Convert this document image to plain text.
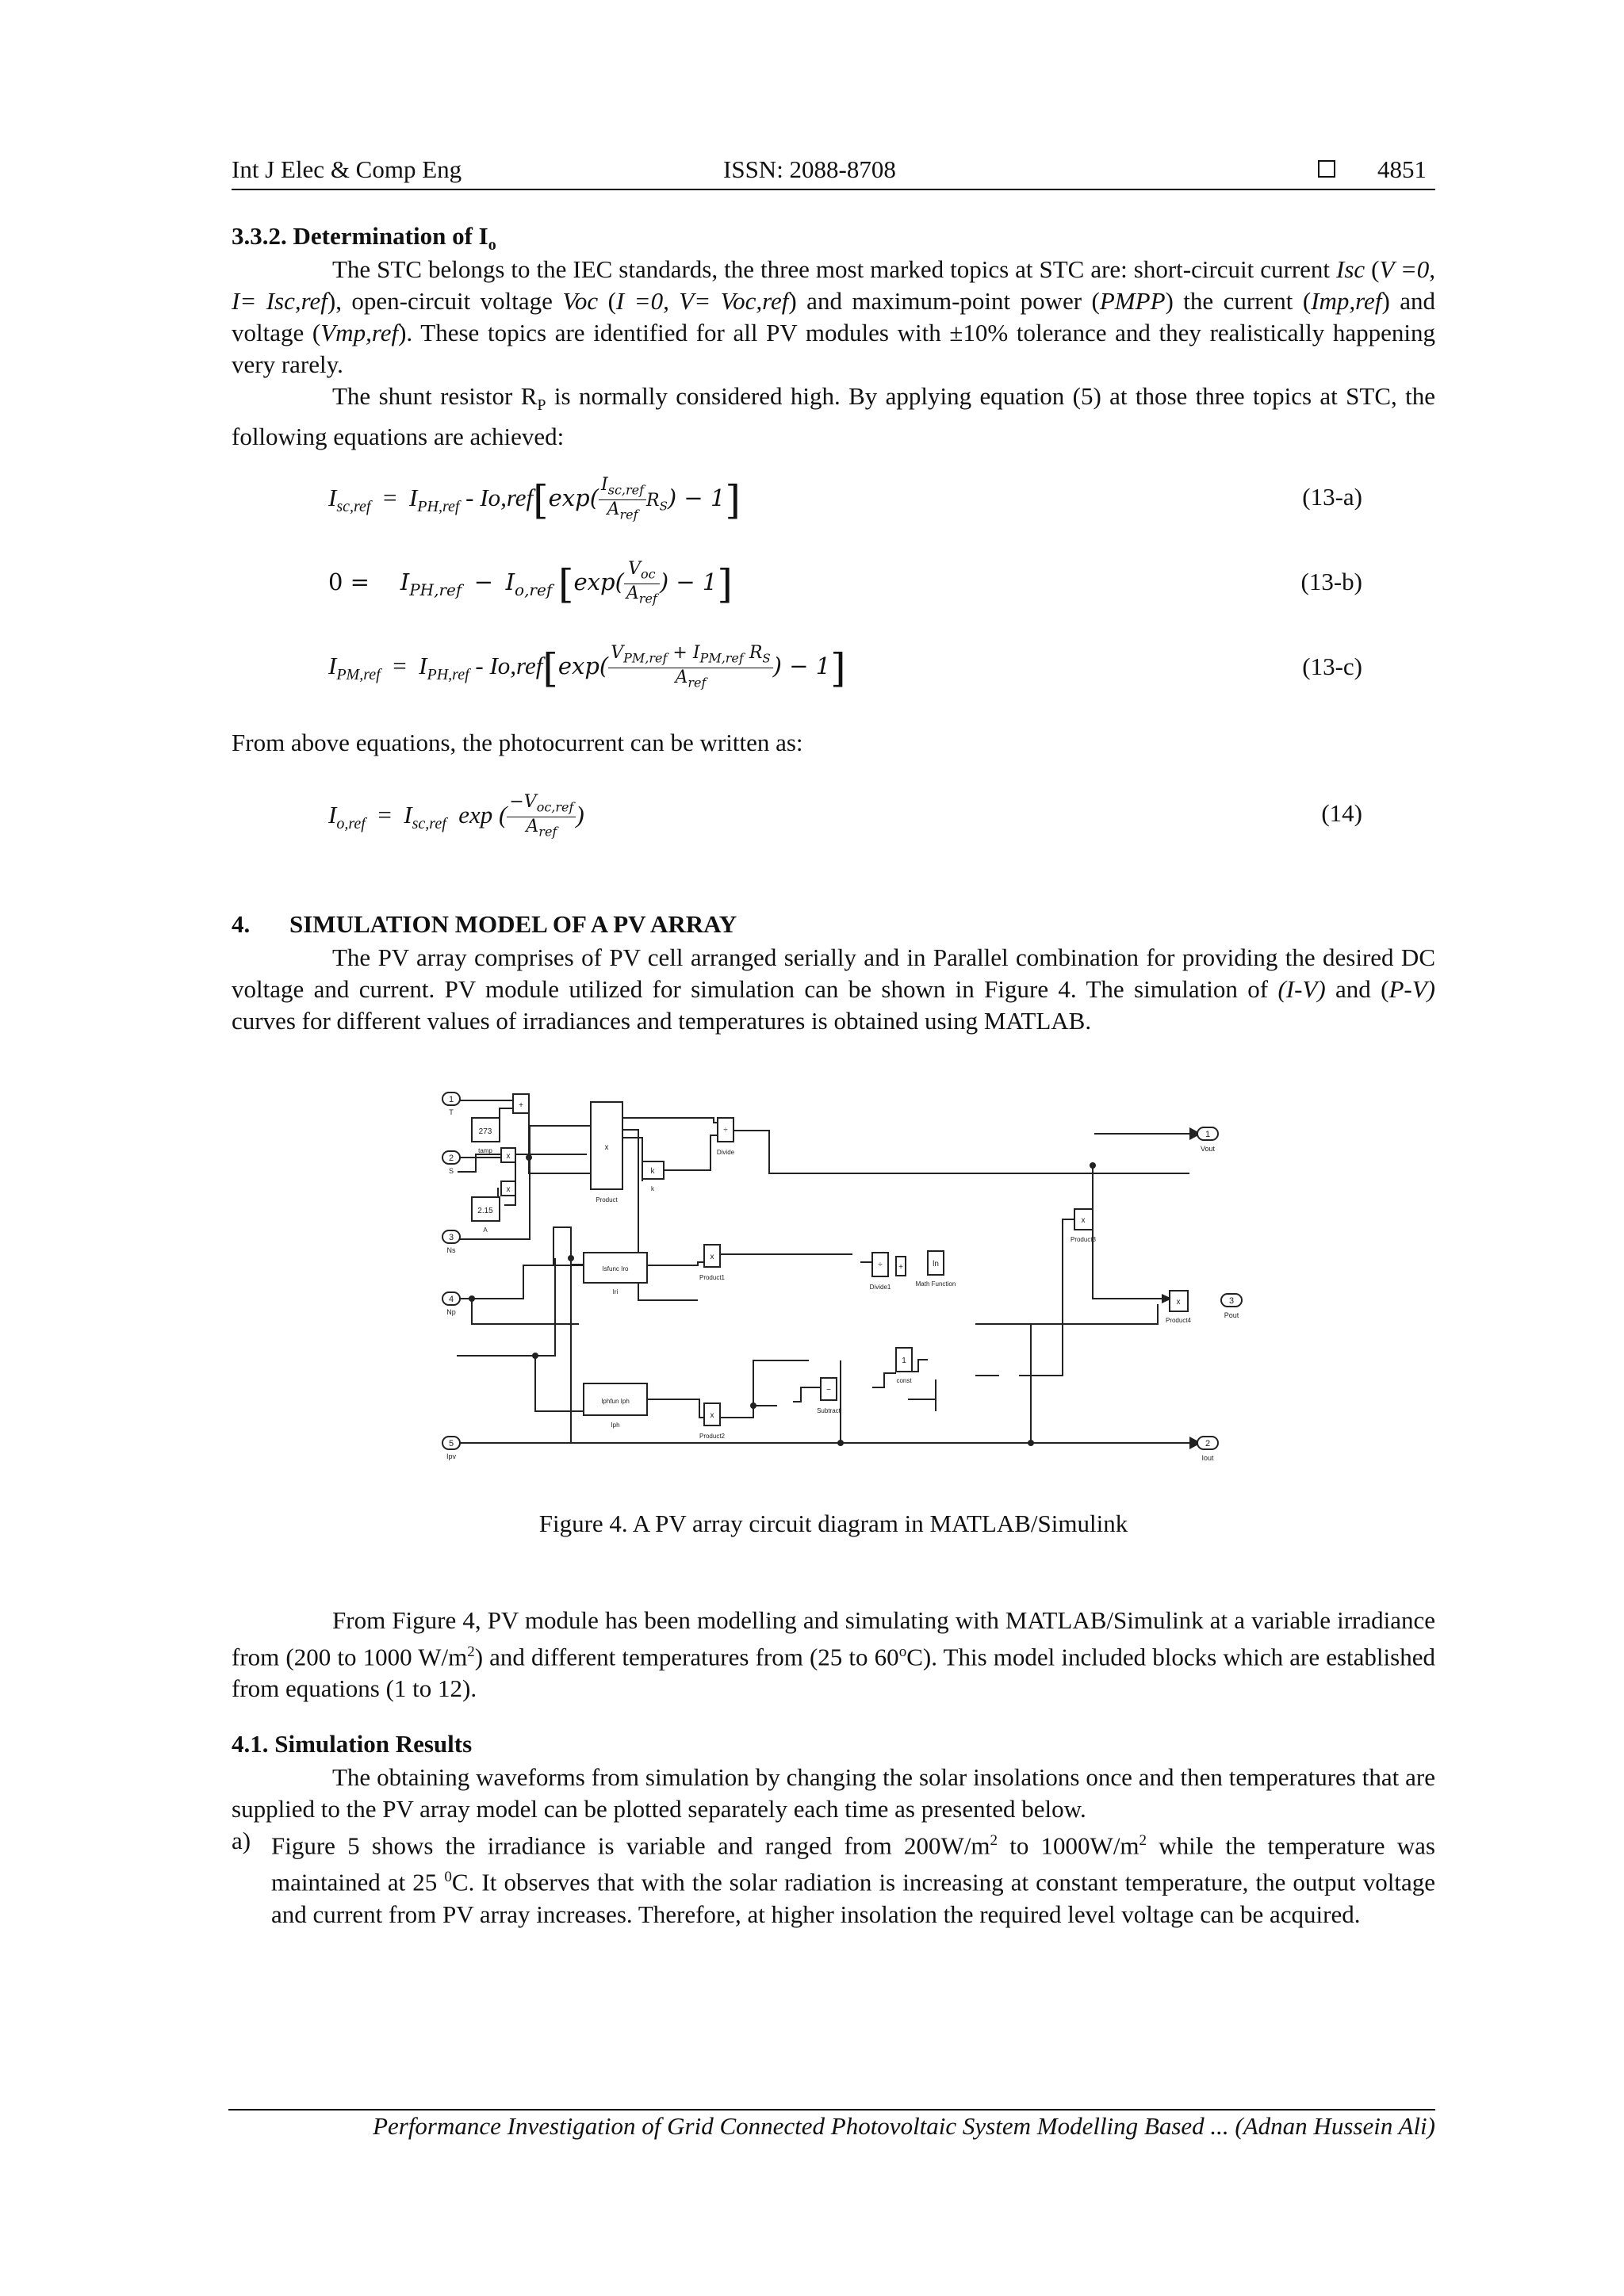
Int J Elec & Comp Eng	ISSN: 2088-8708	4851
3.3.2. Determination of $I_o$
The STC belongs to the IEC standards, the three most marked topics at STC are: short-circuit current Isc (V =0, I= Isc,ref), open-circuit voltage Voc (I =0, V= Voc,ref) and maximum-point power (PMPP) the current (Imp,ref) and voltage (Vmp,ref). These topics are identified for all PV modules with ±10% tolerance and they realistically happening very rarely.
The shunt resistor $R_P$ is normally considered high. By applying equation (5) at those three topics at STC, the following equations are achieved:
$I_{sc,ref} = I_{PH,ref} - Io,ref[\exp( \frac{I_{sc,ref}}{A_{ref}} R_S) - 1]$	(13-a)
$0 = I_{PH,ref} - I_{o,ref}$ [$\exp( \frac{V_{oc}}{A_{ref}}$ ) − 1]	(13-b)
$I_{PM,ref} = I_{PH,ref} - Io,ref[\exp( \frac{V_{PM,ref} + I_{PM,ref} R_S}{A_{ref}}$ ) − 1]	(13-c)
From above equations, the photocurrent can be written as:
$I_{o,ref} = I_{sc,ref}$ exp ( $\frac{-V_{oc,ref}}{A_{ref}}$ )	(14)
4. SIMULATION MODEL OF A PV ARRAY
The PV array comprises of PV cell arranged serially and in Parallel combination for providing the desired DC voltage and current. PV module utilized for simulation can be shown in Figure 4. The simulation of (I-V) and (P-V) curves for different values of irradiances and temperatures is obtained using MATLAB.
1
T
2
S
3
Ns
4
Np
5
Ipv
1
Vout
2
Iout
3
Pout
273
tamp
2.15
A
+
x
x
x
Product
k
k
÷
Divide
Isfunc Iro
Iri
Iphfun Iph
Iph
x
Product1
x
Product2
−
Subtract
÷
Divide1
+	ln
Math Function
1
const
x
Product3
x
Product4
Figure 4. A PV array circuit diagram in MATLAB/Simulink
From Figure 4, PV module has been modelling and simulating with MATLAB/Simulink at a variable irradiance from (200 to 1000 $W/m^2$) and different temperatures from (25 to 60$^o$C). This model included blocks which are established from equations (1 to 12).
4.1. Simulation Results
The obtaining waveforms from simulation by changing the solar insolations once and then temperatures that are supplied to the PV array model can be plotted separately each time as presented below.
a) Figure 5 shows the irradiance is variable and ranged from $200W/m^2$ to $1000W/m^2$ while the temperature was maintained at 25 $^0$C. It observes that with the solar radiation is increasing at constant temperature, the output voltage and current from PV array increases. Therefore, at higher insolation the required level voltage can be acquired.
Performance Investigation of Grid Connected Photovoltaic System Modelling Based ... (Adnan Hussein Ali)
